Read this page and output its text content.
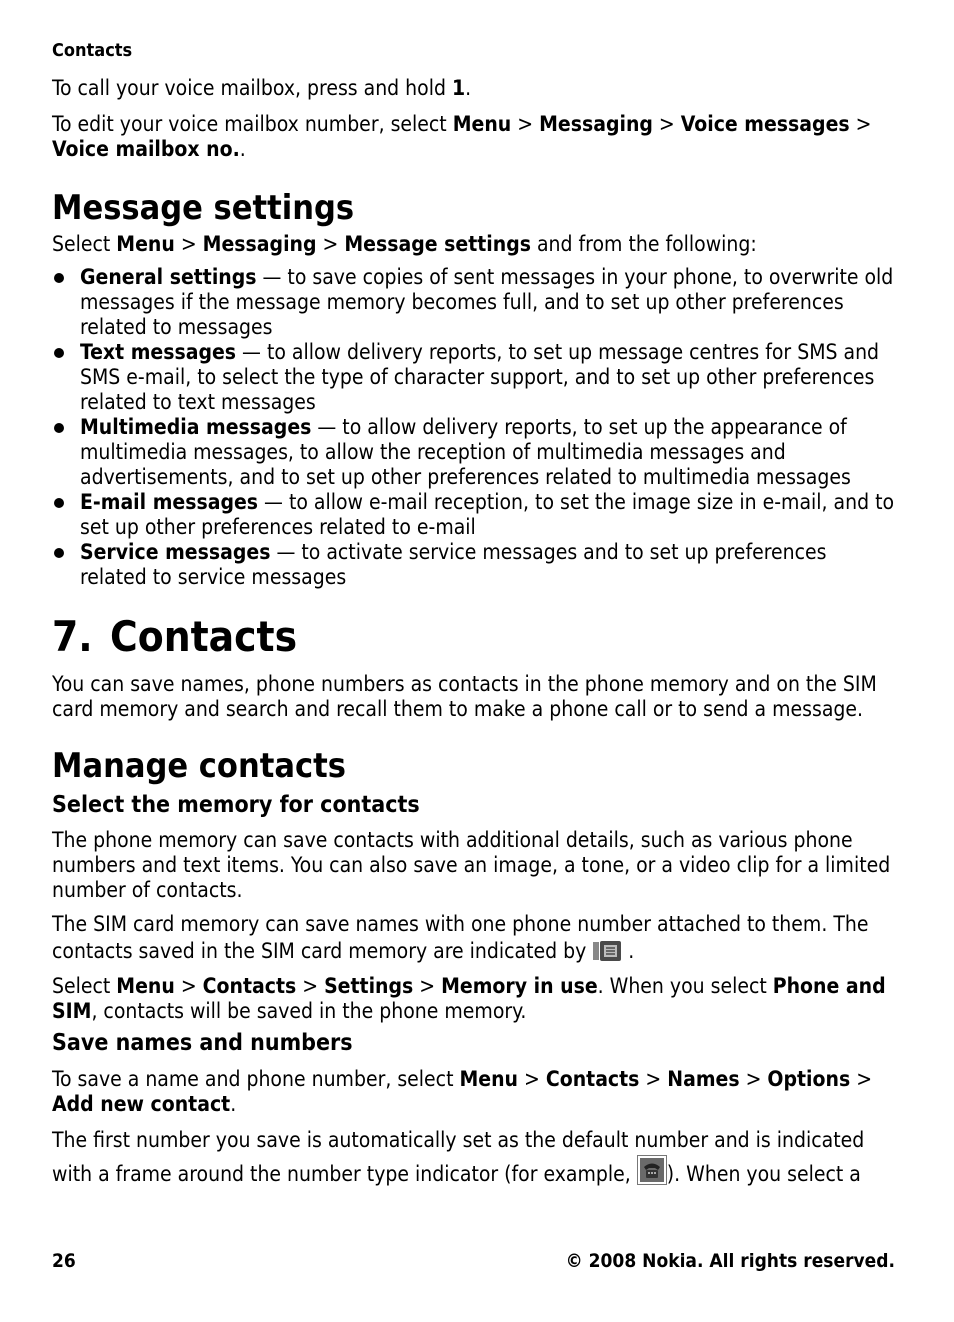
Contacts

To call your voice mailbox, press and hold 1.

To edit your voice mailbox number, select Menu > Messaging > Voice messages > Voice mailbox no..

Message settings

Select Menu > Messaging > Message settings and from the following:

General settings — to save copies of sent messages in your phone, to overwrite old messages if the message memory becomes full, and to set up other preferences related to messages
Text messages — to allow delivery reports, to set up message centres for SMS and SMS e-mail, to select the type of character support, and to set up other preferences related to text messages
Multimedia messages — to allow delivery reports, to set up the appearance of multimedia messages, to allow the reception of multimedia messages and advertisements, and to set up other preferences related to multimedia messages
E-mail messages — to allow e-mail reception, to set the image size in e-mail, and to set up other preferences related to e-mail
Service messages — to activate service messages and to set up preferences related to service messages
7. Contacts

You can save names, phone numbers as contacts in the phone memory and on the SIM card memory and search and recall them to make a phone call or to send a message.

Manage contacts
Select the memory for contacts

The phone memory can save contacts with additional details, such as various phone numbers and text items. You can also save an image, a tone, or a video clip for a limited number of contacts.

The SIM card memory can save names with one phone number attached to them. The contacts saved in the SIM card memory are indicated by  .

Select Menu > Contacts > Settings > Memory in use. When you select Phone and SIM, contacts will be saved in the phone memory.

Save names and numbers

To save a name and phone number, select Menu > Contacts > Names > Options > Add new contact.

The first number you save is automatically set as the default number and is indicated with a frame around the number type indicator (for example, ). When you select a

26	© 2008 Nokia. All rights reserved.
